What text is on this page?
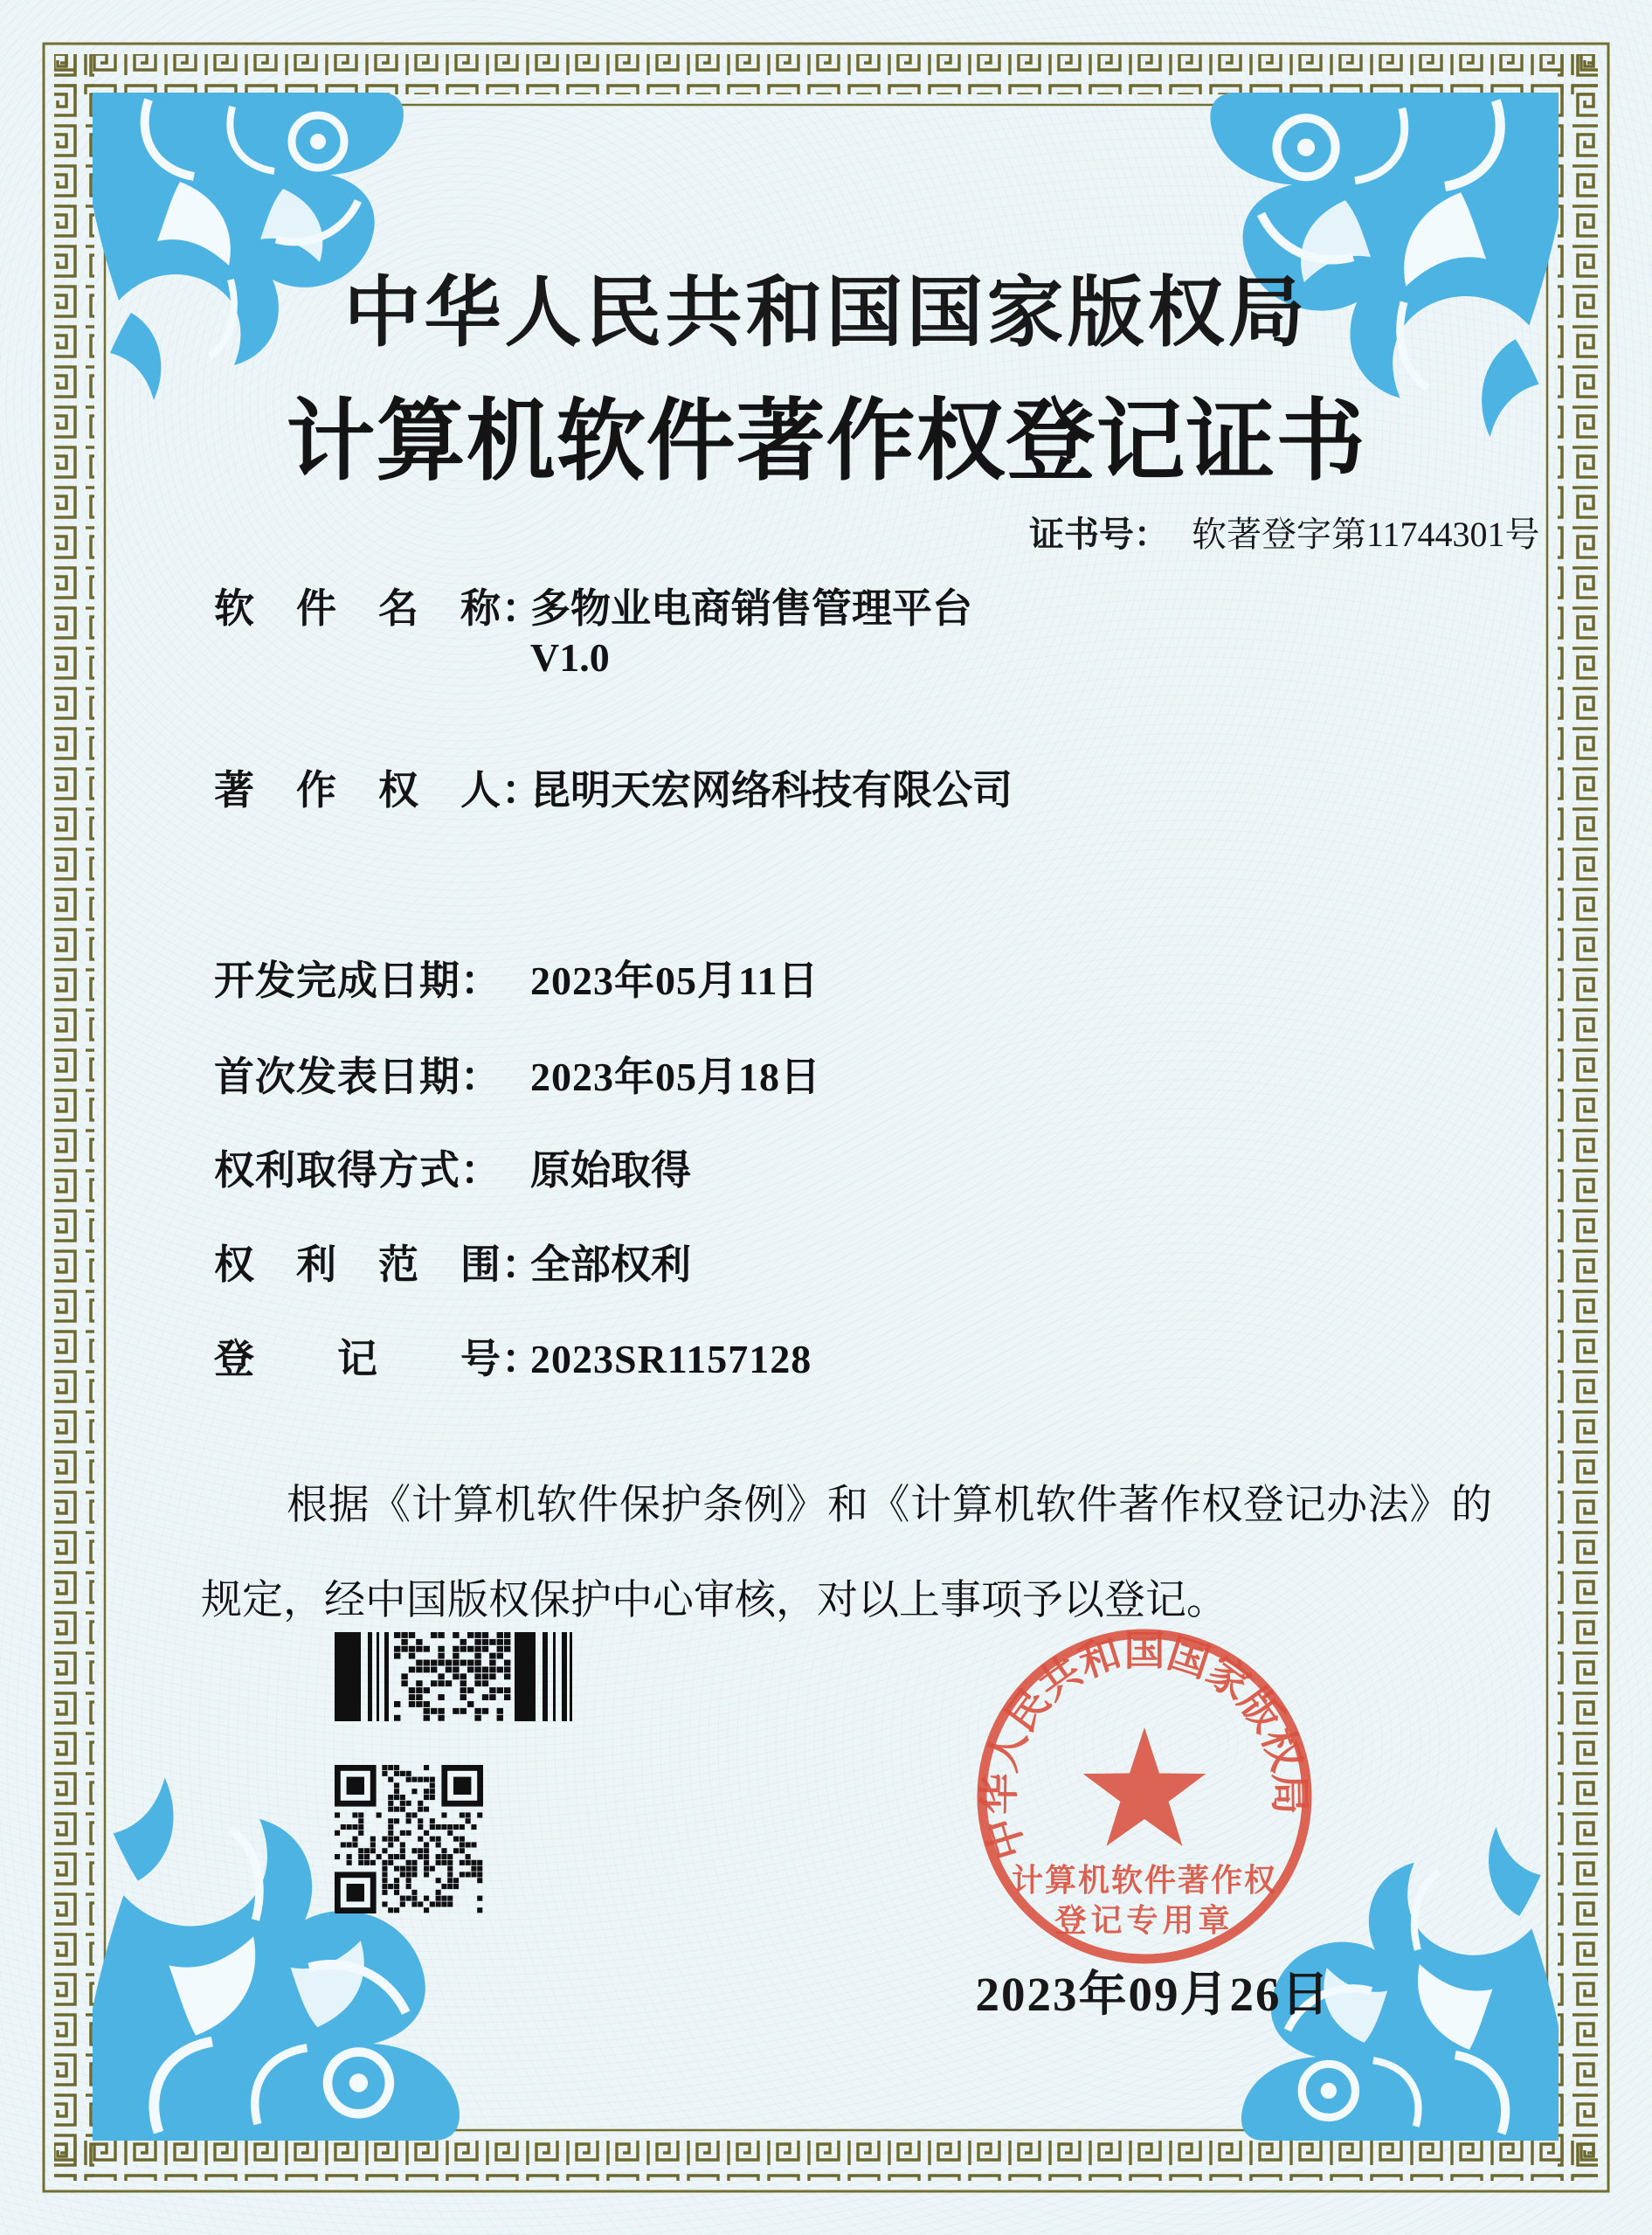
中华人民共和国国家版权局
计算机软件著作权登记证书
证书号： 软著登字第11744301号
软　件　名　称：多物业电商销售管理平台
V1.0
著　作　权　人：昆明天宏网络科技有限公司
开发完成日期： 2023年05月11日
首次发表日期： 2023年05月18日
权利取得方式： 原始取得
权　利　范　围：全部权利
登　　记　　号：2023SR1157128

根据《计算机软件保护条例》和《计算机软件著作权登记办法》的规定，经中国版权保护中心审核，对以上事项予以登记。

2023年09月26日
中华人民共和国国家版权局
计算机软件著作权
登记专用章
